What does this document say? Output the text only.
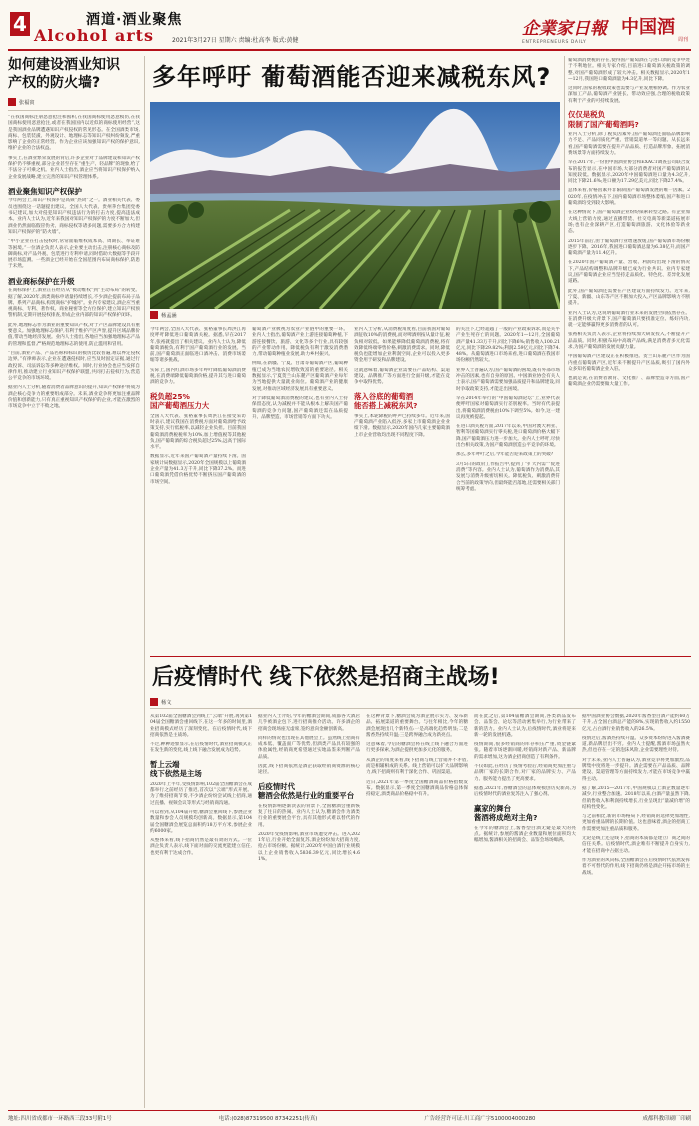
4	酒道·酒业聚焦
Alcohol arts	2021年3月27日 星期六 责编:杜高李 版式:黄健
企業家日報
ENTREPRENEURS DAILY
中国酒
周刊
如何建设酒业知识产权的防火墙?
张福寅

“在我国商标注册恶意抢注和囤积,在我国商标使用恶意模仿,在我国商标使用恶意抢注,或者在我国国内以近似的商标使用经营”,这是我国酒业品牌遭遇知识产权侵权的常见形态。在全国酒类市场,商标、包装装潢、外观设计、地理标志等知识产权纠纷频发,严重影响了企业的正常经营。作为企业应该加强知识产权的保护意识,维护企业的合法权益。

事实上,在酒业繁荣发展的背后,许多企业对于品牌建设和知识产权保护仍不够重视,部分企业甚至存在“重生产、轻品牌”的现象,给了不法分子可乘之机。业内人士指出,酒企应当将知识产权保护纳入企业发展战略,建立完善的知识产权管理体系。

酒业聚焦知识产权保护

今年两会上,知识产权保护是高频“热词”之一。酒业相关代表、委员也围绕这一话题提出建议。全国人大代表、贵州茅台集团党委书记建议,加大对侵犯知识产权违法行为的打击力度,提高违法成本。业内人士认为,近年来我国对知识产权保护的力度不断加大,但酒业仍然面临假冒伪劣、商标侵权等诸多问题,需要多方合力构建知识产权保护的“防火墙”。

“中小企业在打击侵权时,常常面临维权成本高、周期长、举证难等困境。”一位酒企负责人表示,企业要主动出击,注册核心商标及防御商标,对产品外观、包装进行专利申请,同时借助大数据等手段开展市场监测。一些酒企已经开始在全国范围内布局商标保护,防患于未然。

酒业商标保护在升级

在商标保护上,酒业正在经历从“被动维权”到“主动布局”的转变。据了解,2020年,酒类商标申请量持续增长,不少酒企提前布局子品牌、系列产品商标,构筑商标“护城河”。业内专家建议,酒企应当重视商标、专利、著作权、商业秘密等全方位保护,建立知识产权预警机制,定期开展侵权排查,形成企业内部的知识产权保护闭环。

此外,地理标志作为酒业的重要知识产权,对于产区品牌建设具有重要意义。加强地理标志保护,有利于维护产区声誉,提升区域品牌价值,带动当地经济发展。业内人士指出,各地应当加强地理标志产品的管理和监督,严格规范地理标志的使用,防止滥用和冒用。

“目前,酒业产品、产品名称和标识的模仿比较普遍,难以界定侵权边界。”有律师表示,企业在遭遇侵权时,应当及时固定证据,通过行政投诉、司法诉讼等多种途径维权。同时,行业协会也应当发挥自律作用,推动建立行业知识产权保护联盟,共同打击侵权行为,营造公平竞争的市场环境。

据业内人士分析,随着消费者品牌意识的提升,知识产权保护将成为酒企核心竞争力的重要组成部分。未来,酒业竞争将更加注重品牌价值和创新能力,只有真正重视知识产权保护的企业,才能在激烈的市场竞争中立于不败之地。

多年呼吁 葡萄酒能否迎来减税东风?
杨孟涵

今年两会,全国人大代表、张裕董事长周洪江再度呼吁降低进口葡萄酒关税。据悉,早在2017年,张裕就提出了相关建议。业内人士认为,降低葡萄酒税负,有利于国产葡萄酒行业的发展。当前,国产葡萄酒正面临进口酒冲击、消费市场萎缩等诸多挑战。

实际上,国内红酒市场多年呼吁降低葡萄酒消费税,在消费端降低葡萄酒价格,提升其与进口葡萄酒的竞争力。

税负超25%
国产葡萄酒压力大

全国人大代表、张裕董事长周洪江在接受采访时表示,建议我国在消费税方面对葡萄酒给予政策支持,实行低税率,以减轻企业负担。目前我国葡萄酒消费税税率为10%,加上增值税等其他税负,国产葡萄酒的综合税负超过25%,远高于国际水平。

数据显示,近年来国产葡萄酒产量持续下滑。国家统计局数据显示,2020年全国规模以上葡萄酒企业产量为41.3万千升,同比下降37.2%。而进口葡萄酒凭借价格优势不断挤压国产葡萄酒的市场空间。

葡萄酒产业被视为农业产业链中的重要一环。业内人士指出,葡萄酒产业上游连接葡萄种植,下游连接餐饮、旅游、文化等多个行业,具有较强的产业带动作用。降低税负有利于激发消费潜力,带动葡萄种植业发展,助力乡村振兴。

例如,在新疆、宁夏、甘肃等葡萄酒产区,葡萄种植已成为当地农民增收致富的重要途径。相关数据显示,宁夏贺兰山东麓产区葡萄酒产业每年为当地提供大量就业岗位。葡萄酒产业的健康发展,对推动区域经济发展具有重要意义。

对于降低葡萄酒消费税的建议,也有业内人士持保留态度,认为减税并不能从根本上解决国产葡萄酒的竞争力问题,国产葡萄酒还需在品质提升、品牌塑造、市场营销等方面下功夫。

业内人士分析,从消费税角度看,目前我国对葡萄酒征收10%的消费税,而对啤酒则按从量计征,税负相对较低。如果能够降低葡萄酒消费税,将有效降低终端零售价格,刺激消费需求。同时,降低税负也能增加企业利润空间,企业可以投入更多资金用于研发和品牌建设。

这就意味着,葡萄酒企业需要在产品结构、渠道建设、品牌推广等方面进行全面升级,才能在竞争中取得优势。

落入谷底的葡萄酒
能否搭上减税东风?

事实上,本轮降税的呼声已持续多年。近年来,国产葡萄酒产业陷入低谷,多家上市葡萄酒企业业绩下滑。数据显示,2020年国内几家主要葡萄酒上市企业营收均出现不同程度下降。

的关注下,已经超越了一般的产业政策诉求,而是关乎产业生死存亡的问题。2020年1—12月,全国葡萄酒产量41.33万千升,同比下降6%;销售收入100.21亿元,同比下降29.82%;利润2.59亿元,同比下降74.48%。从葡萄酒进口市场来看,进口葡萄酒在我国市场份额仍然较大。

业界人士普遍认为,国产葡萄酒的困境,既有外部市场冲击的因素,也有自身的原因。中国酒业协会有关人士表示,国产葡萄酒需要加强品质提升和品牌建设,同时争取政策支持,才能走出困境。

早在2014年举行的“中国葡萄酒论坛”上,业界代表便呼吁国家对葡萄酒实行差别税率。当时有代表提出,将葡萄酒消费税由10%下调至5%。如今,这一建议再度被提起。

在进口酒关税方面,2017年以来,中国对澳大利亚、智利等国葡萄酒实行零关税,进口葡萄酒价格大幅下降,国产葡萄酒压力进一步加大。业内人士呼吁,尽快出台相关政策,为国产葡萄酒创造公平竞争的环境。

那么,多年呼吁之后,今年能否迎来政策上的突破?

3月5日的政府工作报告中,提到了“扩大内需”“促进消费”等内容。业内人士认为,葡萄酒作为消费品,其发展与消费升级密切相关。降低税负、刺激消费符合当前的政策导向,但最终能否落地,还需要相关部门统筹考虑。

葡萄酒消费税的存在,使得国产葡萄酒在与进口酒的竞争中处于不利地位。相关专家介绍,目前进口葡萄酒关税政策的调整,对国产葡萄酒形成了较大冲击。相关数据显示,2020年1—12月,我国进口葡萄酒量为4.3亿升,同比下降。

这同时,国家的税收政策也需要与产业发展相协调。作为农业深加工产品,葡萄酒产业链长、带动效应强,合理的税收政策有利于产业的可持续发展。

仅仅是税负
限制了国产葡萄酒吗?

业内人士分析,除了税负因素外,国产葡萄酒还面临品牌影响力不足、产品同质化严重、营销渠道单一等问题。从长远来看,国产葡萄酒需要在提升产品品质、打造品牌形象、拓展消费场景等方面持续发力。

早在2017年,一份由中国酒业协会和EXACT调查公司联合发布的报告显示,在中国市场,大部分消费者对国产葡萄酒的认知度较低。数据显示,2020年中国葡萄酒进口量为4.3亿升,同比下降21.6%;进口额为17.29亿美元,同比下降27.4%。

总体来看,价格因素并非限制国产葡萄酒发展的唯一因素。2020年,在疫情冲击下,国内葡萄酒市场整体萎缩,国产和进口葡萄酒均受到较大影响。

在这种情况下,国产葡萄酒企业纷纷探索转型之路。有企业加大线上营销力度,通过直播带货、社交电商等新渠道拓展市场;也有企业深耕产区,打造葡萄酒旅游、文化体验等新业态。

2015年前后,由于葡萄酒行业增速放缓,国产葡萄酒市场份额逐步下降。2016年,我国进口葡萄酒总量为6.38亿升,而国产葡萄酒产量为11.4亿升。

在2020年国产葡萄酒产量、营收、利润均出现下滑的情况下,产品结构调整和品牌升级已成为行业共识。业内专家建议,国产葡萄酒企业应当坚持走品质化、特色化、差异化发展道路。

此外,国产葡萄酒还需要在产区建设方面持续发力。近年来,宁夏、新疆、山东等产区不断加大投入,产区品牌影响力不断提升。

业内人士认为,这说明葡萄酒行业未来的发展空间依然存在。在消费升级大背景下,国产葡萄酒只要找准定位、练好内功,就一定能够赢得更多消费者的认可。

张裕相关负责人表示,企业将持续加大研发投入,不断提升产品品质。同时,积极布局中高端产品线,满足消费者多元化需求,为国产葡萄酒的发展贡献力量。

中国葡萄酒产区建设正在积极推进。贺兰山东麓产区作为国内重点葡萄酒产区,近年来不断提升产区品质,吸引了国内外众多知名葡萄酒企业入驻。

也就是说,在消费者教育、文化推广、品牌塑造等方面,国产葡萄酒企业仍需要做大量工作。

后疫情时代 线下依然是招商主战场!
杨文

从第102届全国糖酒会到线上“云端”开展,再到第104届全国糖酒会重回线下,在这一年多的时间里,酒业招商模式经历了深刻变化。在后疫情时代,线下招商依然是主战场。

不过,种种迹象显示,在后疫情时代,酒业招商模式正在发生新的变化,线上线下融合发展成为趋势。

暂上云端
线下依然是主场

2020年上半年,受疫情影响,102届全国糖酒会在成都举行之前经历了推迟,首次以“云端”形式开展。为了维持招商节奏,不少酒企纷纷尝试线上招商,通过直播、视频会议等形式与经销商沟通。

可以看到,从104届开始,糖酒会重回线下,参展企业数量和参会人员规模均创新高。数据显示,第104届全国糖酒会展览总面积约18万平方米,参展企业约6000家。

从整体来看,线下招商仍然是最有效的方式。一位酒企负责人表示,线下面对面的交流更能建立信任,也更有利于达成合作。

据业内人士介绍,今年的糖酒会期间,成都各大酒店几乎被酒企包下,进行招商推介活动。许多酒企的招商会现场座无虚席,签约意向金额创新高。

同样的情况也出现在其他展会上。虽然线上招商有成本低、覆盖面广等优势,但酒类产品具有较强的体验属性,经销商更希望通过实地品鉴来判断产品品质。

因此,线下招商依然是酒企获取经销商资源的核心途径。

后疫情时代
糖酒会依然是行业的重要平台

在疫情影响逐渐淡去的背景下,全国糖酒会重新恢复了往日的热闹。业内人士认为,糖酒会作为酒类行业的重要展会平台,具有其他形式难以替代的作用。

2020年受疫情影响,酒业市场遭受冲击。进入2021年后,行业开始全面复苏,酒企纷纷加大招商力度,抢占市场份额。据统计,2020年中国白酒行业规模以上企业销售收入5836.39亿元,同比增长4.61%。

在这种背景下,糖酒会成为酒企展示实力、发布新品、拓展渠道的重要舞台。与往年相比,今年的糖酒会展现出几个新特点:一是高端化趋势明显;二是酱香热持续升温;三是跨界融合成为新亮点。

这意味着,今后的糖酒会将在线上线下融合方面进行更多探索,为酒企提供更加多元化的服务。

从酒企的角度来看,线下招商与线上营销并不矛盾,而是相辅相成的关系。线上营销可以扩大品牌影响力,线下招商则有利于深化合作、巩固渠道。

近日,2021年第一季度全国糖酒商品价格指数发布。数据显示,第一季度全国糖酒商品价格总体保持稳定,酒类商品价格稳中有升。

而在此之后,第104届糖酒会期间,各类新品发布会、品鉴会、论坛等活动密集举行,为行业带来了新的活力。业内人士认为,后疫情时代,酒业将迎来新一轮的发展机遇。

疫情期间,很多经销商的库存积压严重,资金链紧张。随着市场逐渐回暖,经销商对新产品、新品牌的需求增加,这为酒企招商创造了有利条件。

不仅如此,在经历了疫情考验后,经销商更加注重与品牌厂家的长期合作,对厂家的品牌实力、产品力、服务能力提出了更高要求。

据悉,2021年,春糖酒会的总体规模创历史新高,为后疫情时代的酒业复苏注入了强心剂。

赢家的舞台
酱酒将成绝对主角?

在今年的糖酒会上,酱香型白酒无疑是最大的亮点。据统计,参展的酱酒企业数量和展位面积均大幅增加,酱酒相关的招商会、品鉴会场场爆满。

据中国酒业协会数据,2020年酱香型白酒产能约60万千升,占全国白酒总产能的8%,实现销售收入约1550亿元,占白酒行业销售收入的26.5%。

疫情过后,酱酒热持续升温。众多资本纷纷进入酱酒赛道,新品牌层出不穷。业内人士提醒,酱酒市场虽然火热,但也存在一定的泡沫风险,企业需要理性对待。

对于未来,业内人士普遍认为,酒业竞争将更加激烈,品牌集中度将进一步提升。酒企需要在产品品质、品牌建设、渠道管理等方面持续发力,才能在市场竞争中赢得主动。

据了解,2015—2017年,中国规模以上酒企数量逐年减少,行业整合加速。2018年以来,白酒产量虽然下降,但销售收入和利润持续增长,行业呈现出“量减价增”的结构性变化。

与之前相比,新的市场格局下,经销商的选择更加理性,更加看重品牌的长期价值。这也意味着,酒企的招商工作需要更加注重品质和服务。

无论是线上还是线下,招商的本质都是建立厂商之间的信任关系。后疫情时代,酒企唯有不断提升自身实力,才能在招商中占据主动。

作为酒业的风向标,全国糖酒会在后疫情时代依然发挥着不可替代的作用,线下招商仍将是酒企开拓市场的主战场。

地址:四川省成都市一环路西三段33号附1号	电话:(028)87319500 87342251(传真)	广告经营许可证:川工商广字5100004000280	成都科教印刷厂印刷
